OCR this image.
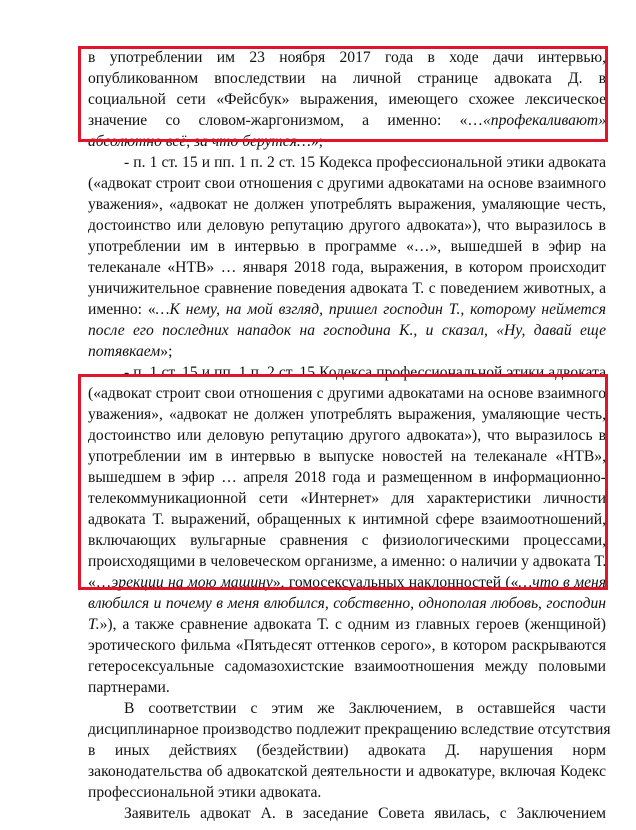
в употреблении им 23 ноября 2017 года в ходе дачи интервью,
опубликованном впоследствии на личной странице адвоката Д. в
социальной сети «Фейсбук» выражения, имеющего схожее лексическое
значение со словом-жаргонизмом, а именно: «…«профекаливают»
абсолютно всё, за что берутся…»;
- п. 1 ст. 15 и пп. 1 п. 2 ст. 15 Кодекса профессиональной этики адвоката
(«адвокат строит свои отношения с другими адвокатами на основе взаимного
уважения», «адвокат не должен употреблять выражения, умаляющие честь,
достоинство или деловую репутацию другого адвоката»), что выразилось в
употреблении им в интервью в программе «…», вышедшей в эфир на
телеканале «НТВ» … января 2018 года, выражения, в котором происходит
уничижительное сравнение поведения адвоката Т. с поведением животных, а
именно: «…К нему, на мой взгляд, пришел господин Т., которому неймется
после его последних нападок на господина К., и сказал, «Ну, давай еще
потявкаем»;
- п. 1 ст. 15 и пп. 1 п. 2 ст. 15 Кодекса профессиональной этики адвоката
(«адвокат строит свои отношения с другими адвокатами на основе взаимного
уважения», «адвокат не должен употреблять выражения, умаляющие честь,
достоинство или деловую репутацию другого адвоката»), что выразилось в
употреблении им в интервью в выпуске новостей на телеканале «НТВ»,
вышедшем в эфир … апреля 2018 года и размещенном в информационно-
телекоммуникационной сети «Интернет» для характеристики личности
адвоката Т. выражений, обращенных к интимной сфере взаимоотношений,
включающих вульгарные сравнения с физиологическими процессами,
происходящими в человеческом организме, а именно: о наличии у адвоката Т.
«…эрекции на мою машину», гомосексуальных наклонностей («…что в меня
влюбился и почему в меня влюбился, собственно, однополая любовь, господин
Т.»), а также сравнение адвоката Т. с одним из главных героев (женщиной)
эротического фильма «Пятьдесят оттенков серого», в котором раскрываются
гетеросексуальные садомазохистские взаимоотношения между половыми
партнерами.
В соответствии с этим же Заключением, в оставшейся части
дисциплинарное производство подлежит прекращению вследствие отсутствия
в иных действиях (бездействии) адвоката Д. нарушения норм
законодательства об адвокатской деятельности и адвокатуре, включая Кодекс
профессиональной этики адвоката.
Заявитель адвокат А. в заседание Совета явилась, с Заключением
